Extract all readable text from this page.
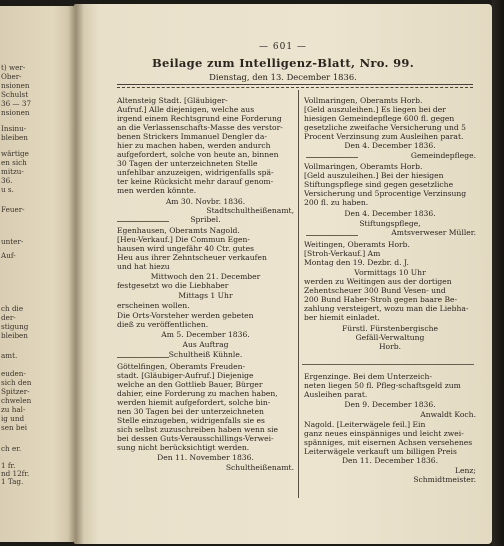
t) wer-
Ober-
nsionen
Schulst
36 — 37
nsionen
Insinu-
bleiben
wärtige
en sich
mitzu-
36.
u s.
Feuer-
unter-
Auf-
ch die
der-
stigung
bleiben
amt.
euden-
sich den
Spitzer-
chwelen
zu hal-
ig und
sen bei
ch er.
1 fr.
nd 12fr.
1 Tag.
— 601 —
Beilage zum Intelligenz-Blatt, Nro. 99.
Dienstag, den 13. December 1836.
Altensteig Stadt. [Gläubiger-
Aufruf.] Alle diejenigen, welche aus
irgend einem Rechtsgrund eine Forderung
an die Verlassenschafts-Masse des verstor-
benen Strickers Immanuel Dengler da-
hier zu machen haben, werden andurch
aufgefordert, solche von heute an, binnen
30 Tagen der unterzeichneten Stelle
unfehlbar anzuzeigen, widrigenfalls spä-
ter keine Rücksicht mehr darauf genom-
men werden könnte.
Am 30. Novbr. 1836.
Stadtschultheißenamt,
Spribel.
Egenhausen, Oberamts Nagold.
[Heu-Verkauf.] Die Commun Egen-
hausen wird ungefähr 40 Ctr. gutes
Heu aus ihrer Zehntscheuer verkaufen
und hat hiezu
Mittwoch den 21. December
festgesetzt wo die Liebhaber
Mittags 1 Uhr
erscheinen wollen.
Die Orts-Vorsteher werden gebeten
dieß zu veröffentlichen.
Am 5. December 1836.
Aus Auftrag
Schultheiß Kühnle.
Göttelfingen, Oberamts Freuden-
stadt. [Gläubiger-Aufruf.] Diejenige
welche an den Gottlieb Bauer, Bürger
dahier, eine Forderung zu machen haben,
werden hiemit aufgefordert, solche bin-
nen 30 Tagen bei der unterzeichneten
Stelle einzugeben, widrigenfalls sie es
sich selbst zuzuschreiben haben wenn sie
bei dessen Guts-Verausschillings-Verwei-
sung nicht berücksichtigt werden.
Den 11. November 1836.
Schultheißenamt.
Vollmaringen, Oberamts Horb.
[Geld auszuleihen.] Es liegen bei der
hiesigen Gemeindepflege 600 fl. gegen
gesetzliche zweifache Versicherung und 5
Procent Verzinsung zum Ausleihen parat.
Den 4. December 1836.
Gemeindepflege.
Vollmaringen, Oberamts Horb.
[Geld auszuleihen.] Bei der hiesigen
Stiftungspflege sind gegen gesetzliche
Versicherung und 5procentige Verzinsung
200 fl. zu haben.
Den 4. December 1836.
Stiftungspflege,
Amtsverweser Müller.
Weitingen, Oberamts Horb.
[Stroh-Verkauf.] Am
Montag den 19. Dezbr. d. J.
Vormittags 10 Uhr
werden zu Weitingen aus der dortigen
Zehentscheuer 300 Bund Vesen- und
200 Bund Haber-Stroh gegen baare Be-
zahlung versteigert, wozu man die Liebha-
ber hiemit einladet.
Fürstl. Fürstenbergische
Gefäll-Verwaltung
Horb.
Ergenzinge. Bei dem Unterzeich-
neten liegen 50 fl. Pfleg-schaftsgeld zum
Ausleihen parat.
Den 9. December 1836.
Anwaldt Koch.
Nagold. [Leiterwägele feil.] Ein
ganz neues einspänniges und leicht zwei-
spänniges, mit eisernen Achsen versehenes
Leiterwägele verkauft um billigen Preis
Den 11. December 1836.
Lenz;
Schmidtmeister.
